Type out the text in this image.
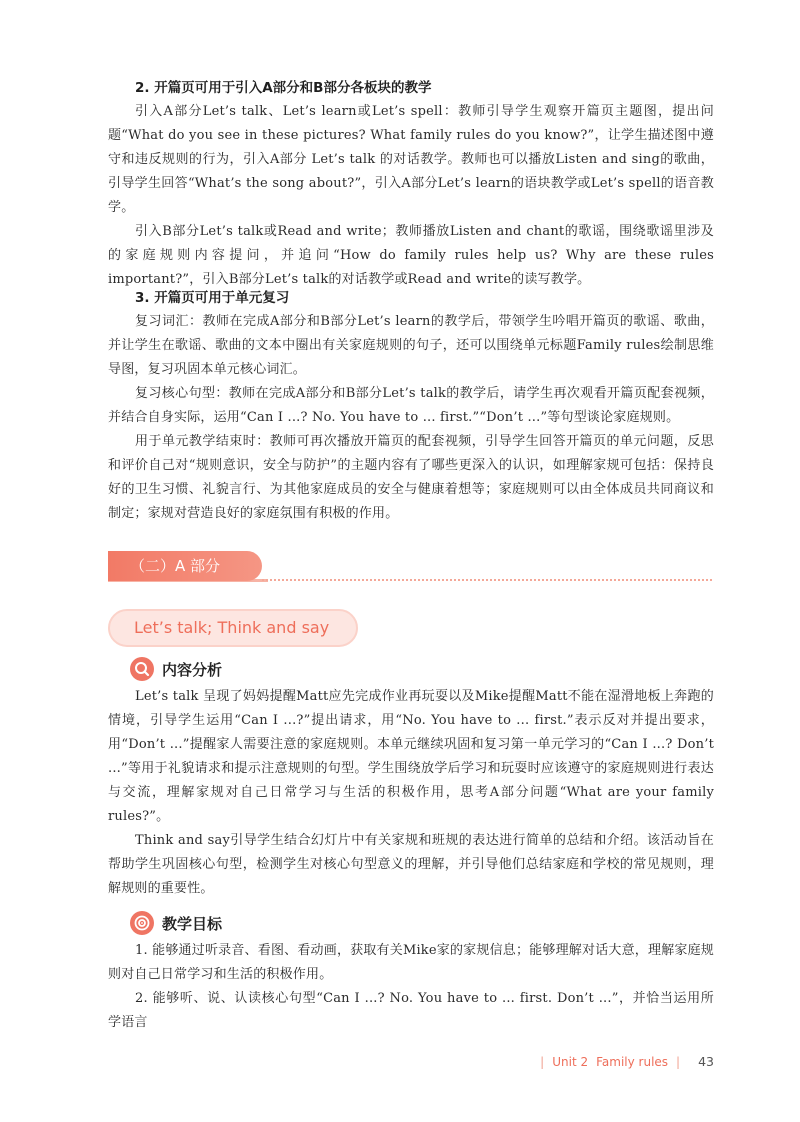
2. 开篇页可用于引入A部分和B部分各板块的教学

引入A部分Let’s talk、Let’s learn或Let’s spell：教师引导学生观察开篇页主题图，提出问题“What do you see in these pictures? What family rules do you know?”，让学生描述图中遵守和违反规则的行为，引入A部分 Let’s talk 的对话教学。教师也可以播放Listen and sing的歌曲，引导学生回答“What’s the song about?”，引入A部分Let’s learn的语块教学或Let’s spell的语音教学。

引入B部分Let’s talk或Read and write；教师播放Listen and chant的歌谣，围绕歌谣里涉及的家庭规则内容提问，并追问“How do family rules help us? Why are these rules important?”，引入B部分Let’s talk的对话教学或Read and write的读写教学。

3. 开篇页可用于单元复习

复习词汇：教师在完成A部分和B部分Let’s learn的教学后，带领学生吟唱开篇页的歌谣、歌曲，并让学生在歌谣、歌曲的文本中圈出有关家庭规则的句子，还可以围绕单元标题Family rules绘制思维导图，复习巩固本单元核心词汇。

复习核心句型：教师在完成A部分和B部分Let’s talk的教学后，请学生再次观看开篇页配套视频，并结合自身实际，运用“Can I ...? No. You have to ... first.”“Don’t ...”等句型谈论家庭规则。

用于单元教学结束时：教师可再次播放开篇页的配套视频，引导学生回答开篇页的单元问题，反思和评价自己对“规则意识，安全与防护”的主题内容有了哪些更深入的认识，如理解家规可包括：保持良好的卫生习惯、礼貌言行、为其他家庭成员的安全与健康着想等；家庭规则可以由全体成员共同商议和制定；家规对营造良好的家庭氛围有积极的作用。

（二）A 部分
Let’s talk; Think and say
内容分析

Let’s talk 呈现了妈妈提醒Matt应先完成作业再玩耍以及Mike提醒Matt不能在湿滑地板上奔跑的情境，引导学生运用“Can I ...?”提出请求，用“No. You have to ... first.”表示反对并提出要求，用“Don’t ...”提醒家人需要注意的家庭规则。本单元继续巩固和复习第一单元学习的“Can I ...? Don’t ...”等用于礼貌请求和提示注意规则的句型。学生围绕放学后学习和玩耍时应该遵守的家庭规则进行表达与交流，理解家规对自己日常学习与生活的积极作用，思考A部分问题“What are your family rules?”。

Think and say引导学生结合幻灯片中有关家规和班规的表达进行简单的总结和介绍。该活动旨在帮助学生巩固核心句型，检测学生对核心句型意义的理解，并引导他们总结家庭和学校的常见规则，理解规则的重要性。

教学目标

1. 能够通过听录音、看图、看动画，获取有关Mike家的家规信息；能够理解对话大意，理解家庭规则对自己日常学习和生活的积极作用。

2. 能够听、说、认读核心句型“Can I ...? No. You have to ... first. Don’t ...”，并恰当运用所学语言

| Unit 2 Family rules | 43
